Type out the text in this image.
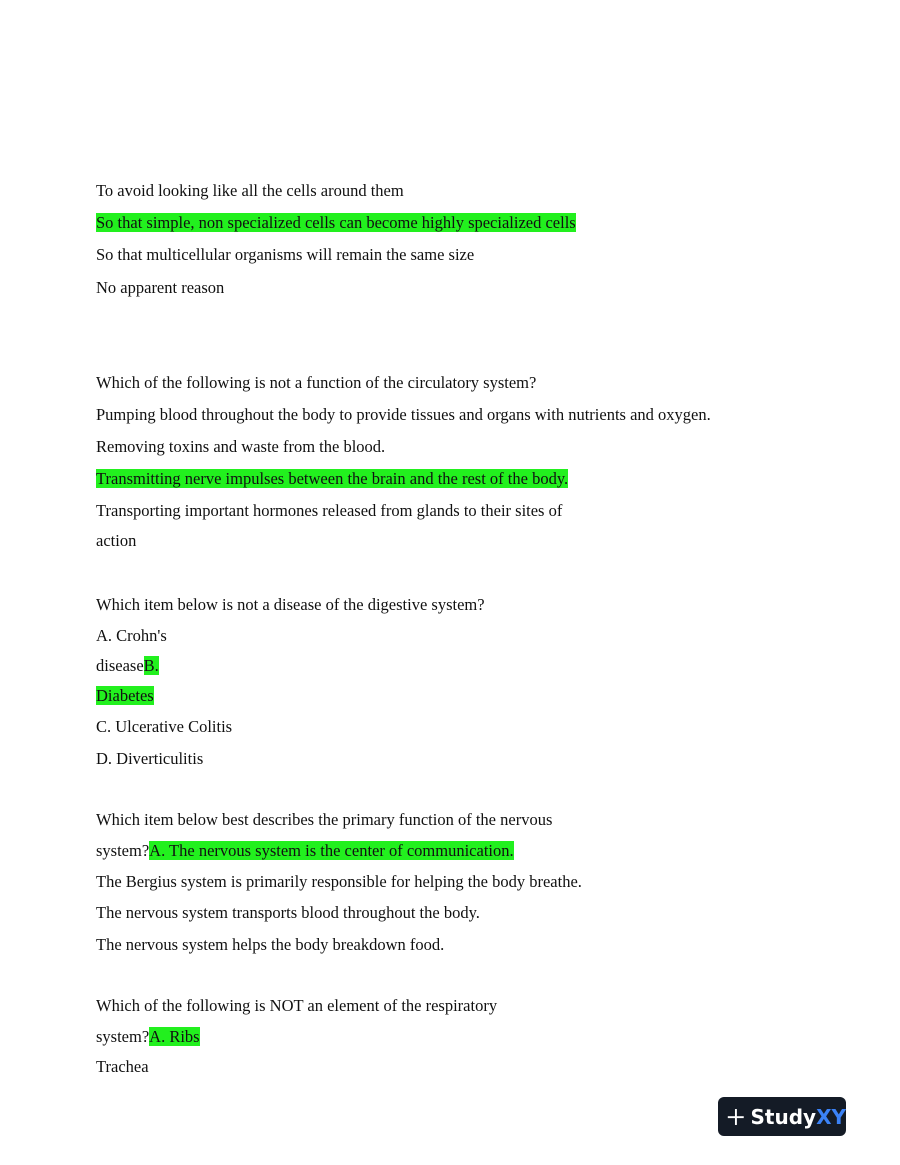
To avoid looking like all the cells around them
So that simple, non specialized cells can become highly specialized cells
So that multicellular organisms will remain the same size
No apparent reason
Which of the following is not a function of the circulatory system?
Pumping blood throughout the body to provide tissues and organs with nutrients and oxygen.
Removing toxins and waste from the blood.
Transmitting nerve impulses between the brain and the rest of the body.
Transporting important hormones released from glands to their sites of
action
Which item below is not a disease of the digestive system?
A. Crohn's
diseaseB.
Diabetes
C. Ulcerative Colitis
D. Diverticulitis
Which item below best describes the primary function of the nervous
system?A. The nervous system is the center of communication.
The Bergius system is primarily responsible for helping the body breathe.
The nervous system transports blood throughout the body.
The nervous system helps the body breakdown food.
Which of the following is NOT an element of the respiratory
system?A. Ribs
Trachea
StudyXY
